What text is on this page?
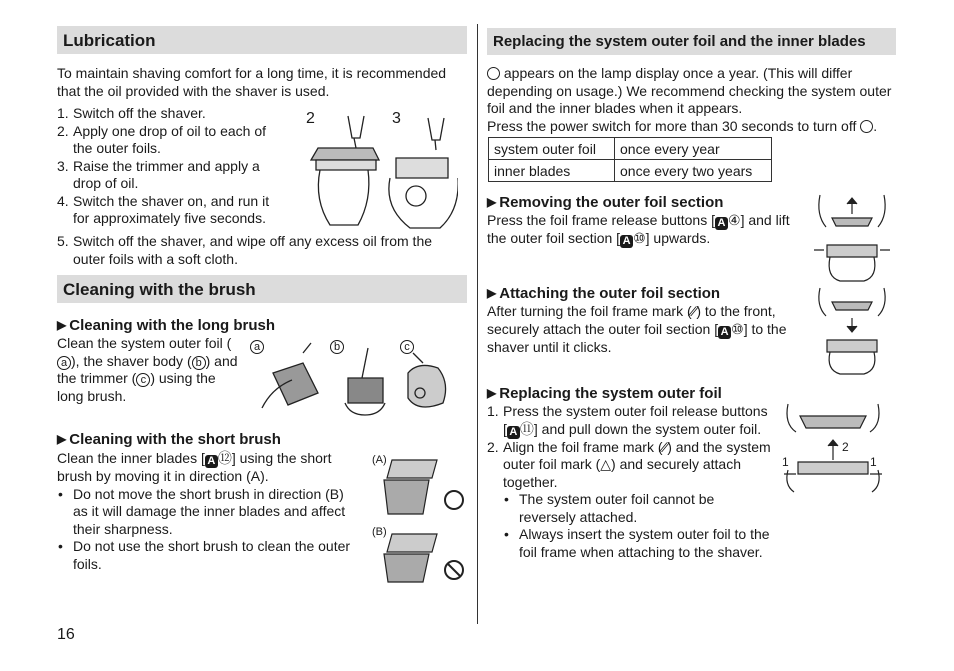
Lubrication
To maintain shaving comfort for a long time, it is recommended that the oil provided with the shaver is used.
1. Switch off the shaver.
2. Apply one drop of oil to each of the outer foils.
3. Raise the trimmer and apply a drop of oil.
4. Switch the shaver on, and run it for approximately five seconds.
5. Switch off the shaver, and wipe off any excess oil from the outer foils with a soft cloth.
2	3
Cleaning with the brush
▶ Cleaning with the long brush
Clean the system outer foil (a ), the shaver body ( b ) and the trimmer ( c ) using the long brush.
a	b	c
▶ Cleaning with the short brush
Clean the inner blades [ A ⑫] using the short brush by moving it in direction (A).
• Do not move the short brush in direction (B) as it will damage the inner blades and affect their sharpness.
• Do not use the short brush to clean the outer foils.
(A)
(B)
16
Replacing the system outer foil and the inner blades
appears on the lamp display once a year. (This will differ depending on usage.) We recommend checking the system outer foil and the inner blades when it appears.
Press the power switch for more than 30 seconds to turn off .
system outer foil	once every year
inner blades	once every two years
▶ Removing the outer foil section
Press the foil frame release buttons [ A ④] and lift the outer foil section [ A ⑩] upwards.
▶ Attaching the outer foil section
After turning the foil frame mark (⁄⁄) to the front, securely attach the outer foil section [ A ⑩] to the shaver until it clicks.
▶ Replacing the system outer foil
1. Press the system outer foil release buttons [ A ⑪] and pull down the system outer foil.
2. Align the foil frame mark (⁄⁄) and the system outer foil mark (△) and securely attach together.
• The system outer foil cannot be reversely attached.
• Always insert the system outer foil to the foil frame when attaching to the shaver.
2
1	1
